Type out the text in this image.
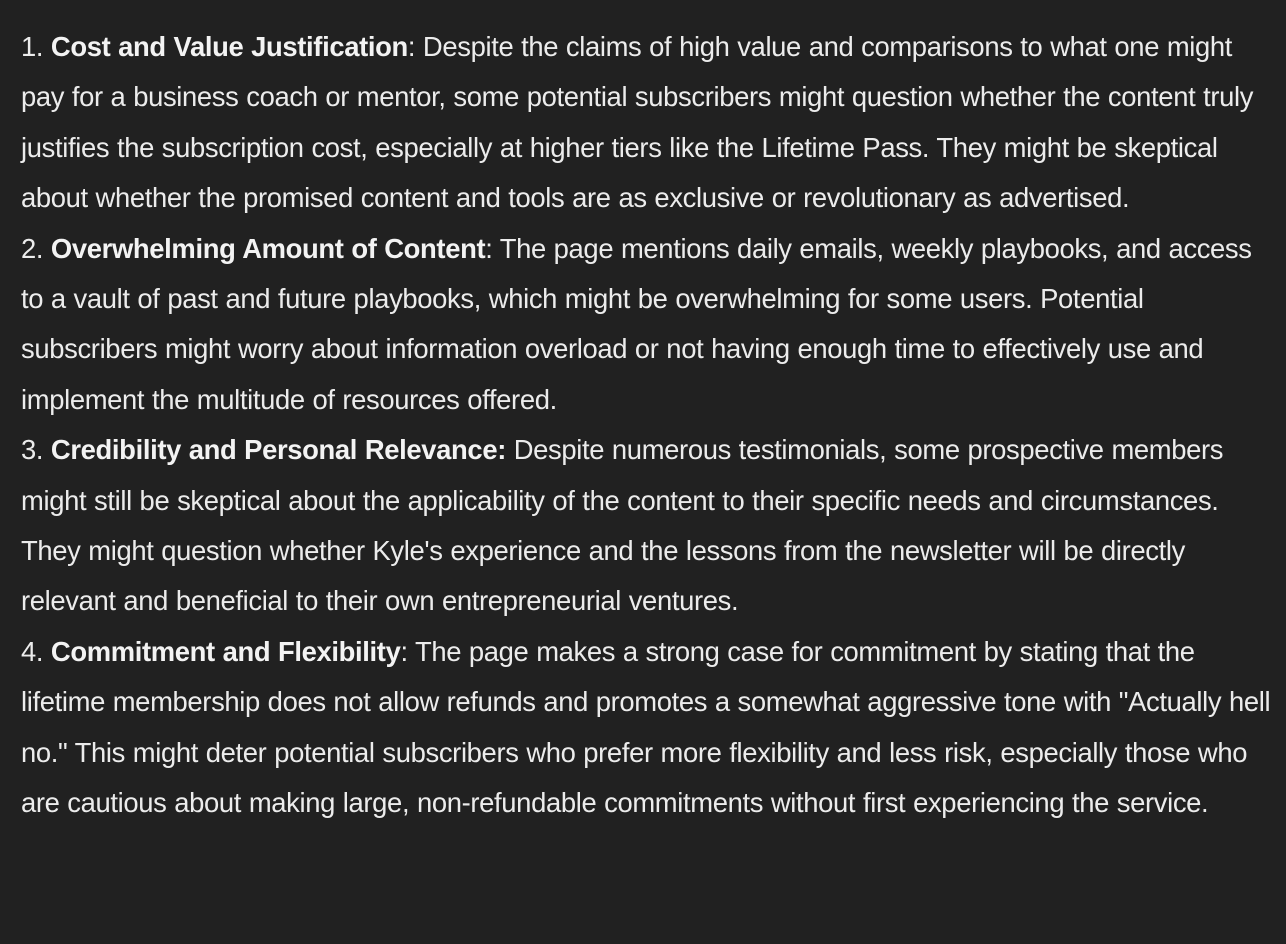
1. Cost and Value Justification: Despite the claims of high value and comparisons to what one might pay for a business coach or mentor, some potential subscribers might question whether the content truly justifies the subscription cost, especially at higher tiers like the Lifetime Pass. They might be skeptical about whether the promised content and tools are as exclusive or revolutionary as advertised.
2. Overwhelming Amount of Content: The page mentions daily emails, weekly playbooks, and access to a vault of past and future playbooks, which might be overwhelming for some users. Potential subscribers might worry about information overload or not having enough time to effectively use and implement the multitude of resources offered.
3. Credibility and Personal Relevance: Despite numerous testimonials, some prospective members might still be skeptical about the applicability of the content to their specific needs and circumstances. They might question whether Kyle's experience and the lessons from the newsletter will be directly relevant and beneficial to their own entrepreneurial ventures.
4. Commitment and Flexibility: The page makes a strong case for commitment by stating that the lifetime membership does not allow refunds and promotes a somewhat aggressive tone with "Actually hell no." This might deter potential subscribers who prefer more flexibility and less risk, especially those who are cautious about making large, non-refundable commitments without first experiencing the service.
